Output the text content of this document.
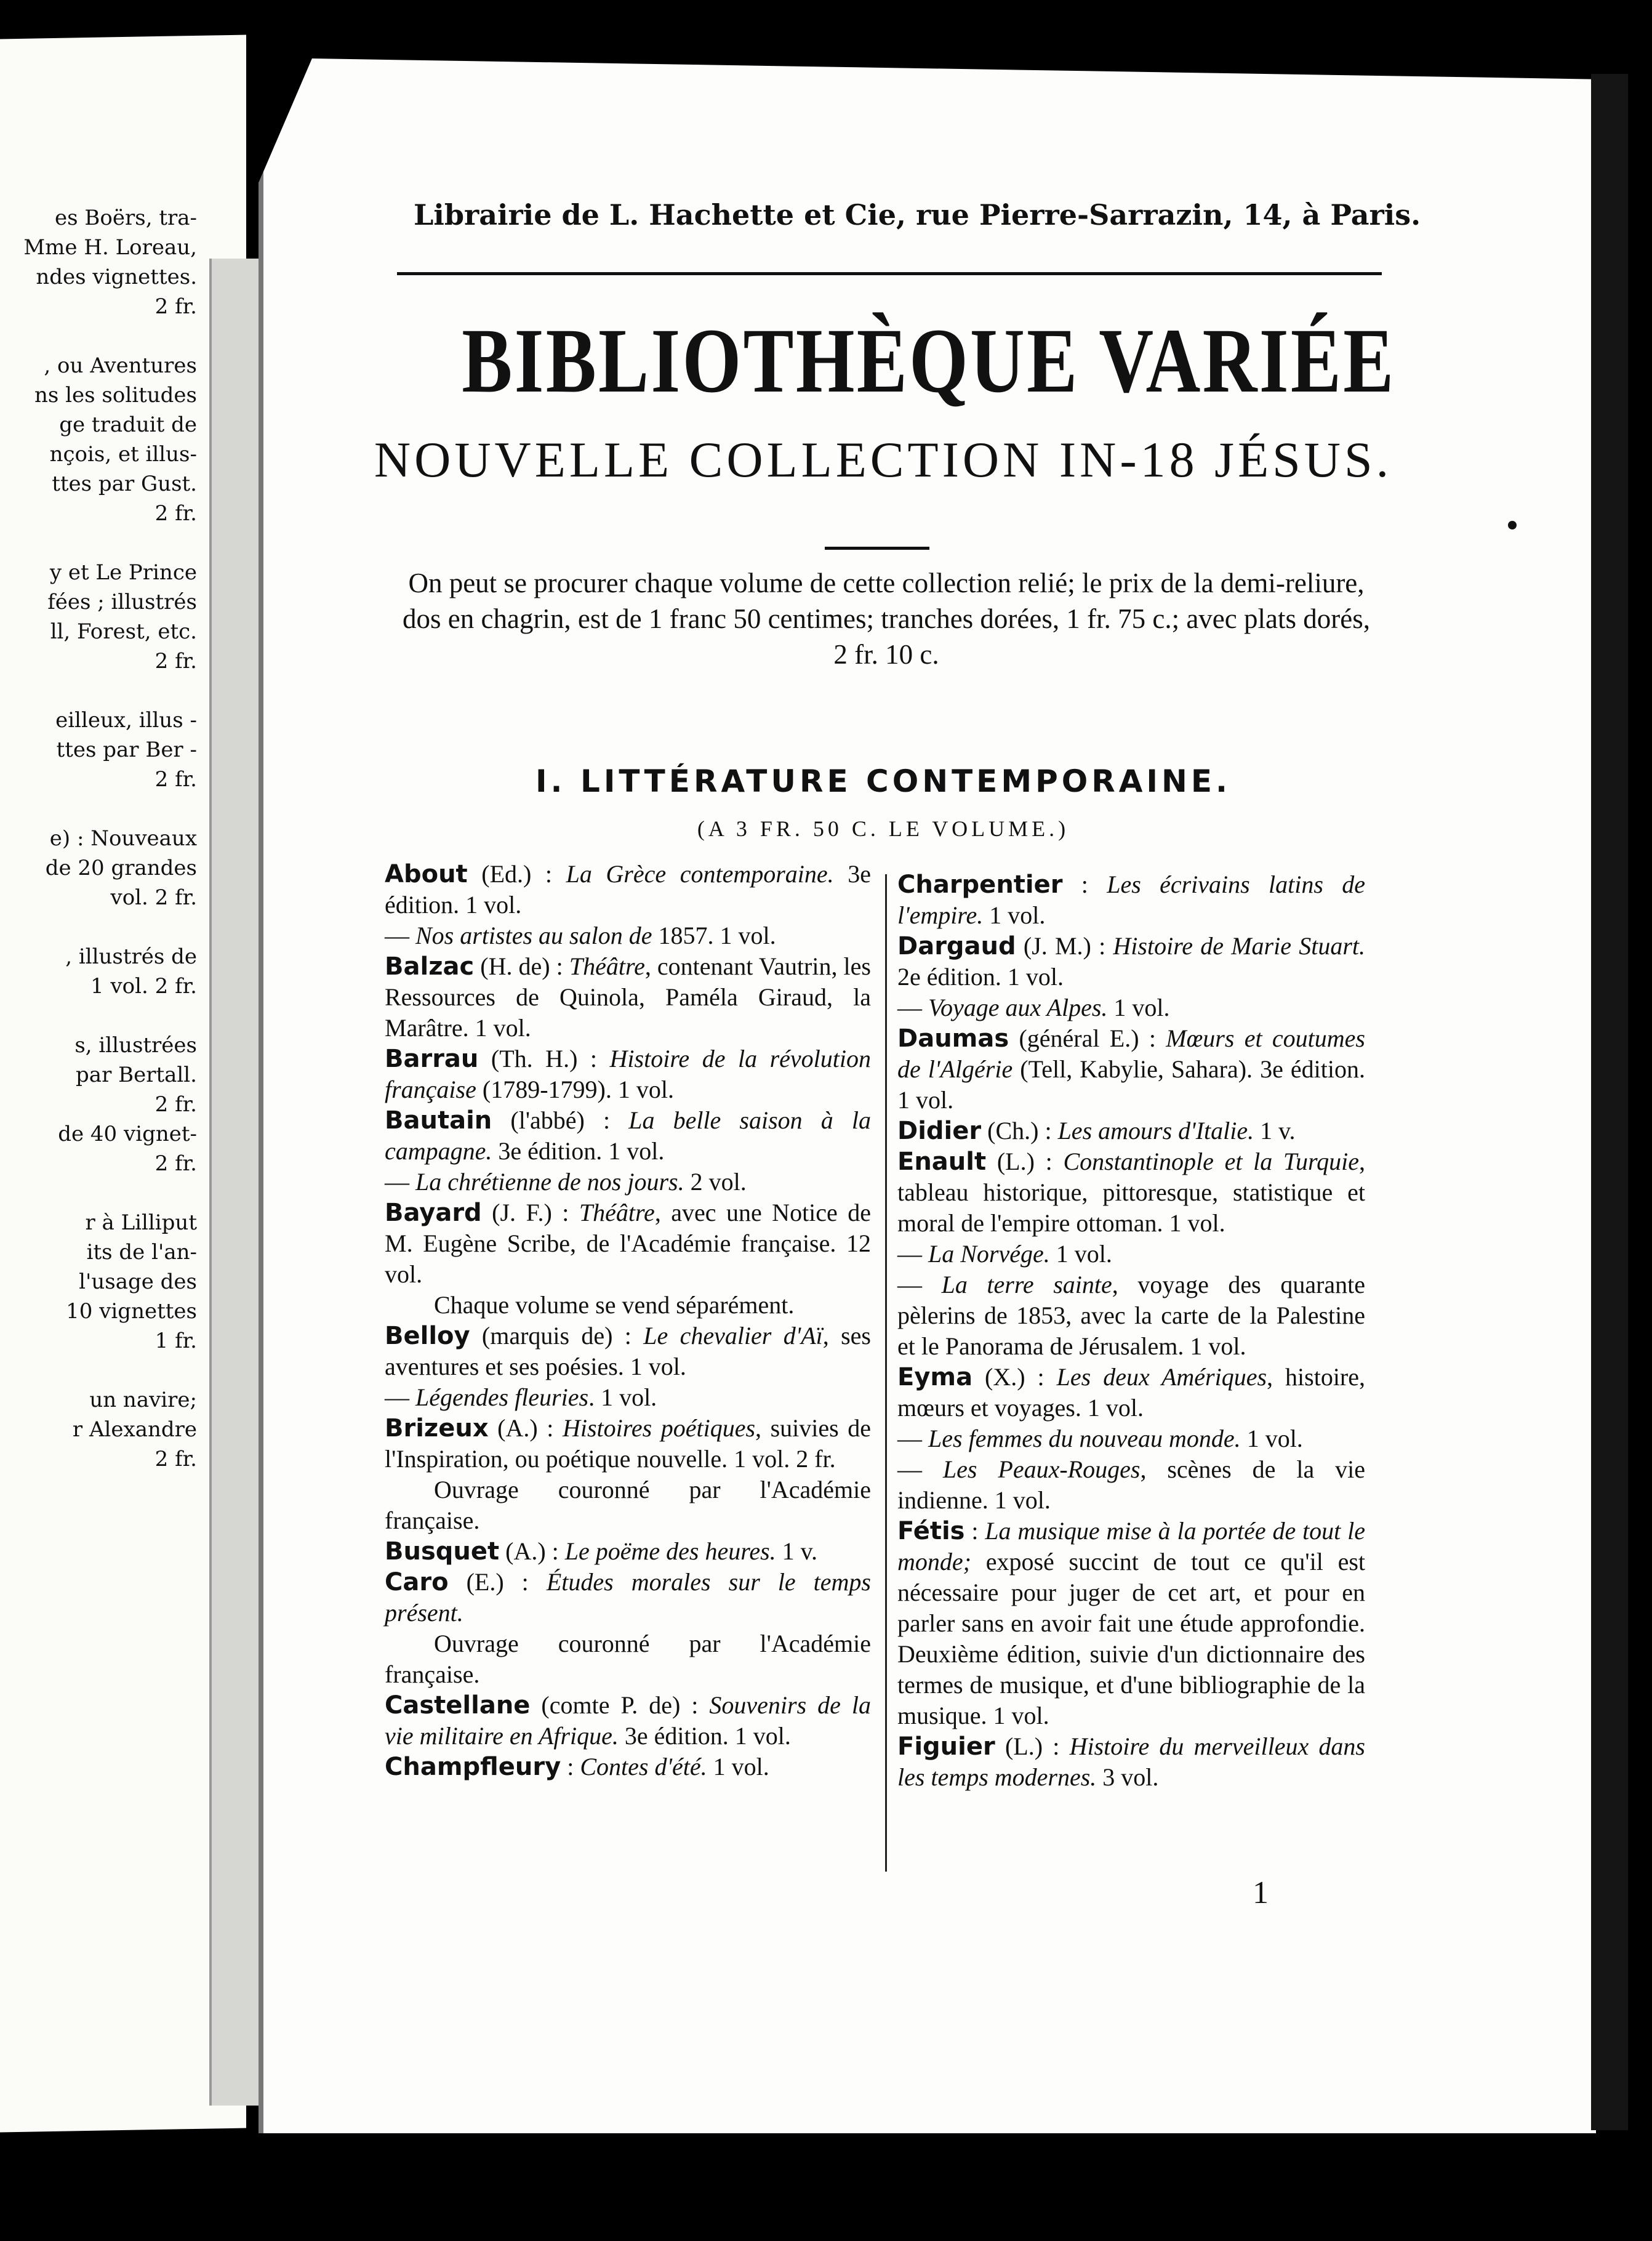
es Boërs, tra-
Mme H. Loreau,
ndes vignettes.
2 fr.

, ou Aventures
ns les solitudes
ge traduit de
nçois, et illus-
ttes par Gust.
2 fr.

y et Le Prince
fées ; illustrés
ll, Forest, etc.
2 fr.

eilleux, illus -
ttes par Ber -
2 fr.

e) : Nouveaux
de 20 grandes
vol. 2 fr.

, illustrés de
1 vol. 2 fr.

s, illustrées
par Bertall.
2 fr.
de 40 vignet-
2 fr.

r à Lilliput
its de l'an-
l'usage des
10 vignettes
1 fr.

un navire;
r Alexandre
2 fr.
Librairie de L. Hachette et Cie, rue Pierre-Sarrazin, 14, à Paris.
BIBLIOTHÈQUE VARIÉE
NOUVELLE COLLECTION IN-18 JÉSUS.
On peut se procurer chaque volume de cette collection relié; le prix de la demi-reliure, dos en chagrin, est de 1 franc 50 centimes; tranches dorées, 1 fr. 75 c.; avec plats dorés, 2 fr. 10 c.
I. LITTÉRATURE CONTEMPORAINE.
(A 3 FR. 50 C. LE VOLUME.)
About (Ed.) : La Grèce contemporaine. 3e édition. 1 vol.
— Nos artistes au salon de 1857. 1 vol.
Balzac (H. de) : Théâtre, contenant Vautrin, les Ressources de Quinola, Paméla Giraud, la Marâtre. 1 vol.
Barrau (Th. H.) : Histoire de la révolution française (1789-1799). 1 vol.
Bautain (l'abbé) : La belle saison à la campagne. 3e édition. 1 vol.
— La chrétienne de nos jours. 2 vol.
Bayard (J. F.) : Théâtre, avec une Notice de M. Eugène Scribe, de l'Académie française. 12 vol.
Chaque volume se vend séparément.
Belloy (marquis de) : Le chevalier d'Aï, ses aventures et ses poésies. 1 vol.
— Légendes fleuries. 1 vol.
Brizeux (A.) : Histoires poétiques, suivies de l'Inspiration, ou poétique nouvelle. 1 vol. 2 fr.
Ouvrage couronné par l'Académie française.
Busquet (A.) : Le poëme des heures. 1 v.
Caro (E.) : Études morales sur le temps présent.
Ouvrage couronné par l'Académie française.
Castellane (comte P. de) : Souvenirs de la vie militaire en Afrique. 3e édition. 1 vol.
Champfleury : Contes d'été. 1 vol.
Charpentier : Les écrivains latins de l'empire. 1 vol.
Dargaud (J. M.) : Histoire de Marie Stuart. 2e édition. 1 vol.
— Voyage aux Alpes. 1 vol.
Daumas (général E.) : Mœurs et coutumes de l'Algérie (Tell, Kabylie, Sahara). 3e édition. 1 vol.
Didier (Ch.) : Les amours d'Italie. 1 v.
Enault (L.) : Constantinople et la Turquie, tableau historique, pittoresque, statistique et moral de l'empire ottoman. 1 vol.
— La Norvége. 1 vol.
— La terre sainte, voyage des quarante pèlerins de 1853, avec la carte de la Palestine et le Panorama de Jérusalem. 1 vol.
Eyma (X.) : Les deux Amériques, histoire, mœurs et voyages. 1 vol.
— Les femmes du nouveau monde. 1 vol.
— Les Peaux-Rouges, scènes de la vie indienne. 1 vol.
Fétis : La musique mise à la portée de tout le monde; exposé succint de tout ce qu'il est nécessaire pour juger de cet art, et pour en parler sans en avoir fait une étude approfondie. Deuxième édition, suivie d'un dictionnaire des termes de musique, et d'une bibliographie de la musique. 1 vol.
Figuier (L.) : Histoire du merveilleux dans les temps modernes. 3 vol.
1
